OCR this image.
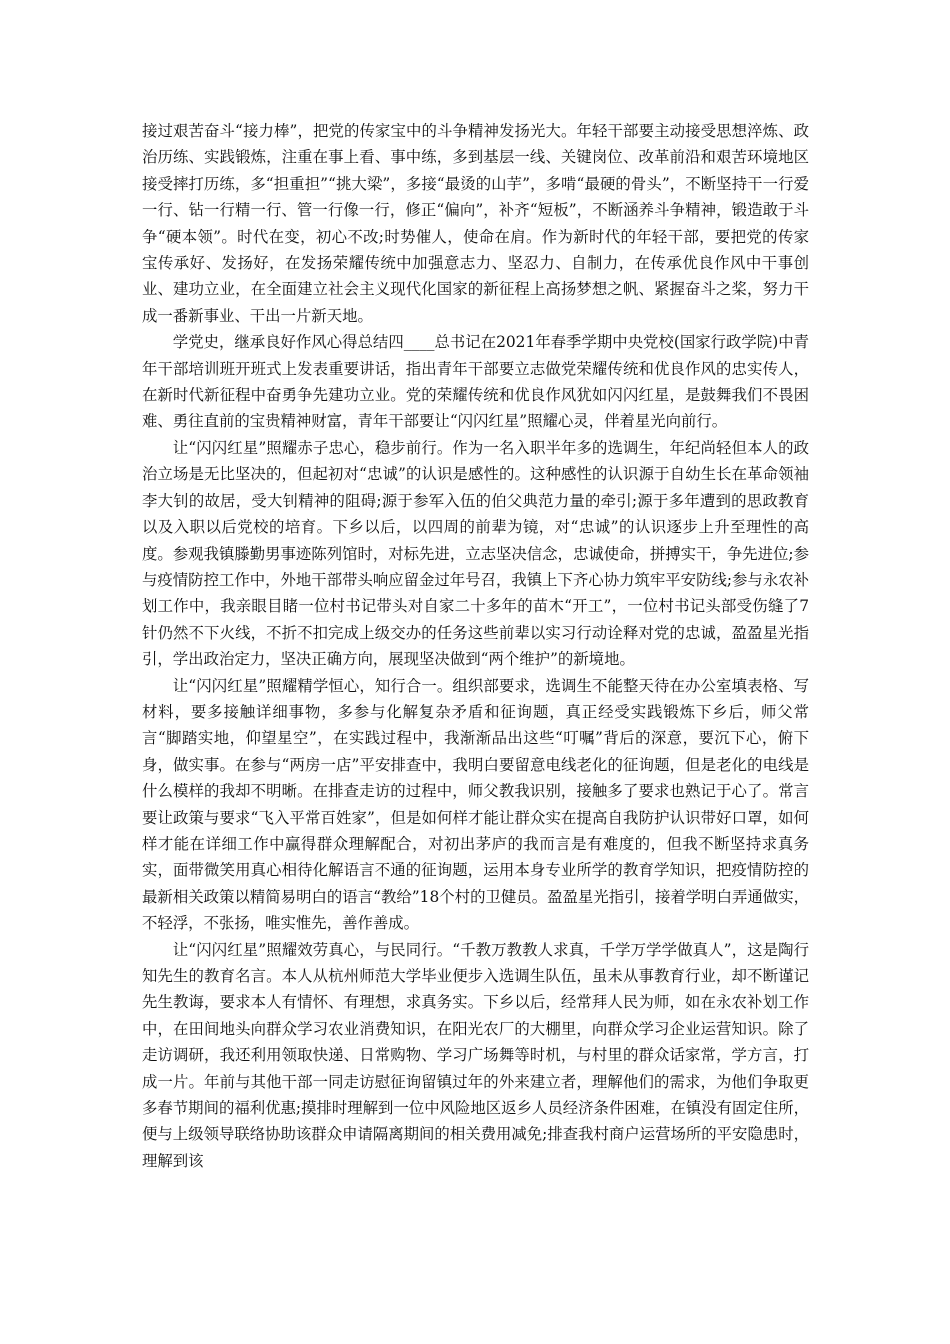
接过艰苦奋斗“接力棒”，把党的传家宝中的斗争精神发扬光大。年轻干部要主动接受思想淬炼、政治历练、实践锻炼，注重在事上看、事中练，多到基层一线、关键岗位、改革前沿和艰苦环境地区接受摔打历练，多“担重担”“挑大梁”，多接“最烫的山芋”，多啃“最硬的骨头”，不断坚持干一行爱一行、钻一行精一行、管一行像一行，修正“偏向”，补齐“短板”，不断涵养斗争精神，锻造敢于斗争“硬本领”。时代在变，初心不改;时势催人，使命在肩。作为新时代的年轻干部，要把党的传家宝传承好、发扬好，在发扬荣耀传统中加强意志力、坚忍力、自制力，在传承优良作风中干事创业、建功立业，在全面建立社会主义现代化国家的新征程上高扬梦想之帆、紧握奋斗之桨，努力干成一番新事业、干出一片新天地。

学党史，继承良好作风心得总结四____总书记在2021年春季学期中央党校(国家行政学院)中青年干部培训班开班式上发表重要讲话，指出青年干部要立志做党荣耀传统和优良作风的忠实传人，在新时代新征程中奋勇争先建功立业。党的荣耀传统和优良作风犹如闪闪红星，是鼓舞我们不畏困难、勇往直前的宝贵精神财富，青年干部要让“闪闪红星”照耀心灵，伴着星光向前行。

让“闪闪红星”照耀赤子忠心，稳步前行。作为一名入职半年多的选调生，年纪尚轻但本人的政治立场是无比坚决的，但起初对“忠诚”的认识是感性的。这种感性的认识源于自幼生长在革命领袖李大钊的故居，受大钊精神的阻碍;源于参军入伍的伯父典范力量的牵引;源于多年遭到的思政教育以及入职以后党校的培育。下乡以后，以四周的前辈为镜，对“忠诚”的认识逐步上升至理性的高度。参观我镇滕勤男事迹陈列馆时，对标先进，立志坚决信念，忠诚使命，拼搏实干，争先进位;参与疫情防控工作中，外地干部带头响应留金过年号召，我镇上下齐心协力筑牢平安防线;参与永农补划工作中，我亲眼目睹一位村书记带头对自家二十多年的苗木“开工”，一位村书记头部受伤缝了7针仍然不下火线，不折不扣完成上级交办的任务这些前辈以实习行动诠释对党的忠诚，盈盈星光指引，学出政治定力，坚决正确方向，展现坚决做到“两个维护”的新境地。

让“闪闪红星”照耀精学恒心，知行合一。组织部要求，选调生不能整天待在办公室填表格、写材料，要多接触详细事物，多参与化解复杂矛盾和征询题，真正经受实践锻炼下乡后，师父常言“脚踏实地，仰望星空”，在实践过程中，我渐渐品出这些“叮嘱”背后的深意，要沉下心，俯下身，做实事。在参与“两房一店”平安排查中，我明白要留意电线老化的征询题，但是老化的电线是什么模样的我却不明晰。在排查走访的过程中，师父教我识别，接触多了要求也熟记于心了。常言要让政策与要求“飞入平常百姓家”，但是如何样才能让群众实在提高自我防护认识带好口罩，如何样才能在详细工作中赢得群众理解配合，对初出茅庐的我而言是有难度的，但我不断坚持求真务实，面带微笑用真心相待化解语言不通的征询题，运用本身专业所学的教育学知识，把疫情防控的最新相关政策以精简易明白的语言“教给”18个村的卫健员。盈盈星光指引，接着学明白弄通做实，不轻浮，不张扬，唯实惟先，善作善成。

让“闪闪红星”照耀效劳真心，与民同行。“千教万教教人求真，千学万学学做真人”，这是陶行知先生的教育名言。本人从杭州师范大学毕业便步入选调生队伍，虽未从事教育行业，却不断谨记先生教诲，要求本人有情怀、有理想，求真务实。下乡以后，经常拜人民为师，如在永农补划工作中，在田间地头向群众学习农业消费知识，在阳光农厂的大棚里，向群众学习企业运营知识。除了走访调研，我还利用领取快递、日常购物、学习广场舞等时机，与村里的群众话家常，学方言，打成一片。年前与其他干部一同走访慰征询留镇过年的外来建立者，理解他们的需求，为他们争取更多春节期间的福利优惠;摸排时理解到一位中风险地区返乡人员经济条件困难，在镇没有固定住所，便与上级领导联络协助该群众申请隔离期间的相关费用减免;排查我村商户运营场所的平安隐患时，理解到该
